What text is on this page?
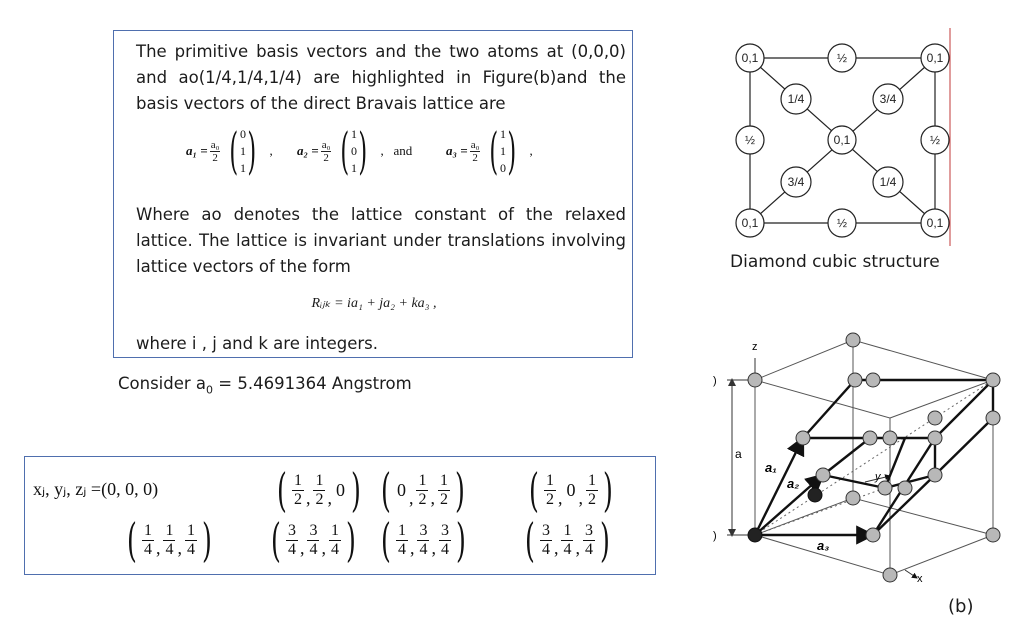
The primitive basis vectors and the two atoms at (0,0,0) and ao(1/4,1/4,1/4) are highlighted in Figure(b)and the basis vectors of the direct Bravais lattice are
$a_1 = \frac{\text{a₀}}{2}$ ( 0
1
1 ) , $a_2 = \frac{\text{a₀}}{2}$ ( 1
0
1 ) ,   and	$a_3 = \frac{\text{a₀}}{2}$ ( 1
1
0 ) ,
Where ao denotes the lattice constant of the relaxed lattice. The lattice is invariant under translations involving lattice vectors of the form
Rᵢⱼₖ = ia₁ + ja₂ + ka₃ ,
where i , j and k are integers.
Consider $a_0 = 5.4691364$ Angstrom
xⱼ, yⱼ, zⱼ =(0, 0, 0)	( 1
2 ,
1
2 , 0 ) ( 0 ,
1
2 ,
1
2 ) ( 1
2 , 0 ,
1
2 )
( 1
4 ,
1
4 ,
1
4 ) ( 3
4 ,
3
4 ,
1
4 ) ( 1
4 ,
3
4 ,
3
4 ) ( 3
4 ,
1
4 ,
3
4 )
0,1	0,1
0,1	0,1
½
½
½	½
0,1
1/4	3/4
3/4	1/4
Diamond cubic structure
)
)
z
y
x
a
a₁
a₂
a₃
(b)
